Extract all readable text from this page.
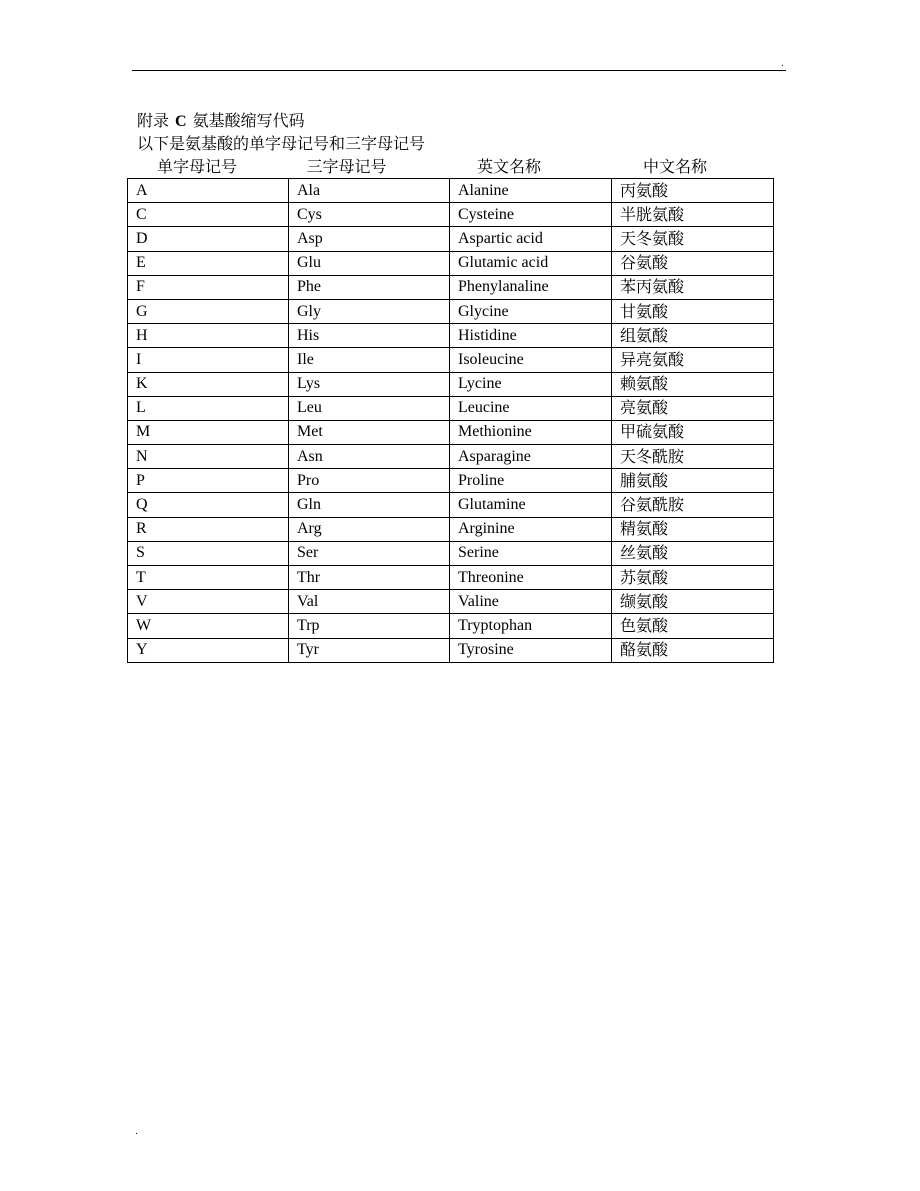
.
附录 C 氨基酸缩写代码
以下是氨基酸的单字母记号和三字母记号
单字母记号	三字母记号	英文名称	中文名称
A	Ala	Alanine	丙氨酸
C	Cys	Cysteine	半胱氨酸
D	Asp	Aspartic acid	天冬氨酸
E	Glu	Glutamic acid	谷氨酸
F	Phe	Phenylanaline	苯丙氨酸
G	Gly	Glycine	甘氨酸
H	His	Histidine	组氨酸
I	Ile	Isoleucine	异亮氨酸
K	Lys	Lycine	赖氨酸
L	Leu	Leucine	亮氨酸
M	Met	Methionine	甲硫氨酸
N	Asn	Asparagine	天冬酰胺
P	Pro	Proline	脯氨酸
Q	Gln	Glutamine	谷氨酰胺
R	Arg	Arginine	精氨酸
S	Ser	Serine	丝氨酸
T	Thr	Threonine	苏氨酸
V	Val	Valine	缬氨酸
W	Trp	Tryptophan	色氨酸
Y	Tyr	Tyrosine	酪氨酸
.
